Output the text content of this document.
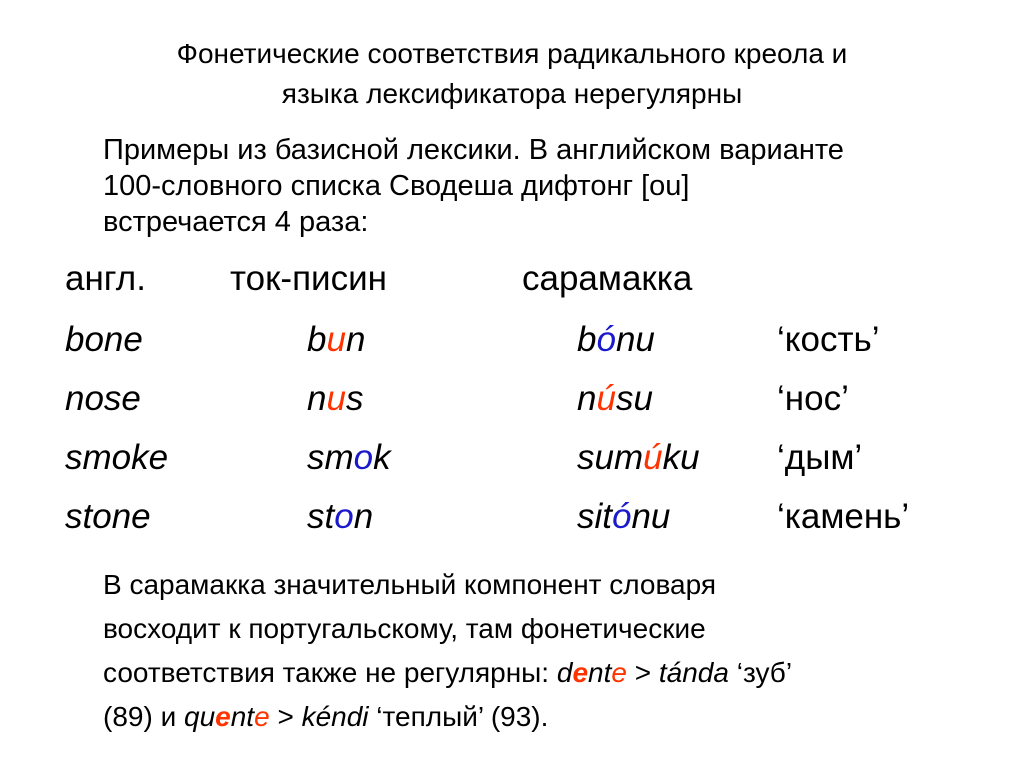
Фонетические соответствия радикального креола и
языка лексификатора нерегулярны

Примеры из базисной лексики. В английском варианте

100-словного списка Сводеша дифтонг [ou]

встречается 4 раза:

англ. ток-писин	сарамакка
bone	bun	bónu	‘кость’
nose	nus	núsu	‘нос’
smoke	smok	sumúku ‘дым’
stone	ston	sitónu	‘камень’
В сарамакка значительный компонент словаря
восходит к португальскому, там фонетические
соответствия также не регулярны: dente > tánda ‘зуб’
(89) и quente > kéndi ‘теплый’ (93).
